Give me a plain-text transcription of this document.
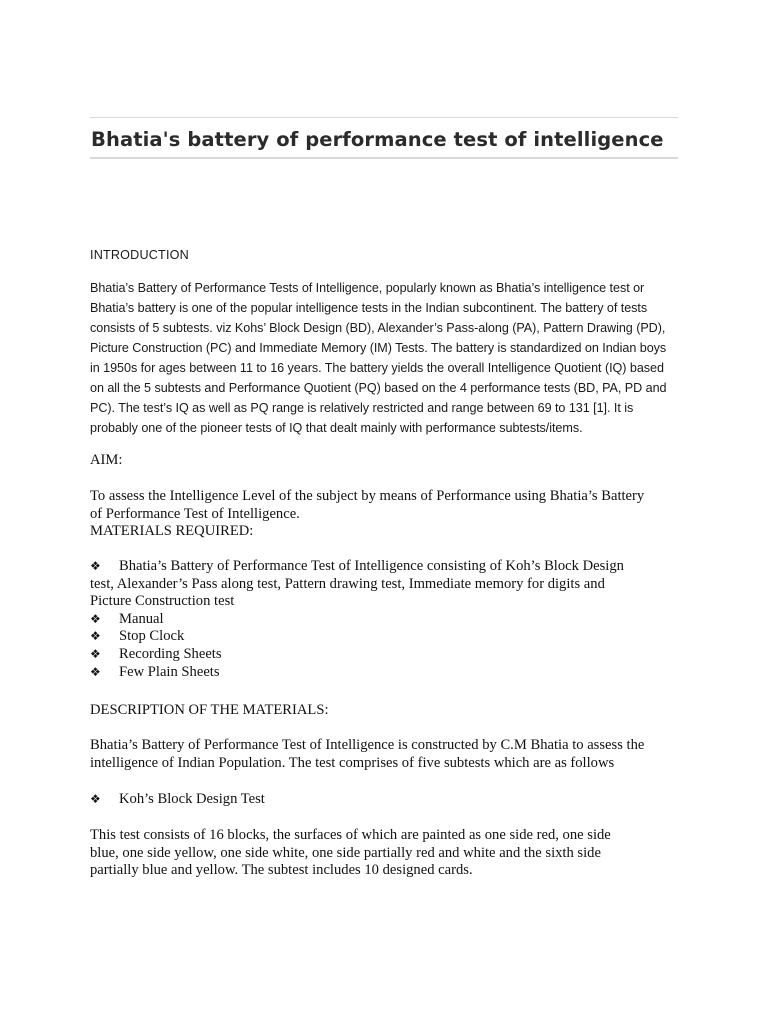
Bhatia's battery of performance test of intelligence

INTRODUCTION

Bhatia’s Battery of Performance Tests of Intelligence, popularly known as Bhatia’s intelligence test or
Bhatia’s battery is one of the popular intelligence tests in the Indian subcontinent. The battery of tests
consists of 5 subtests. viz Kohs’ Block Design (BD), Alexander’s Pass-along (PA), Pattern Drawing (PD),
Picture Construction (PC) and Immediate Memory (IM) Tests. The battery is standardized on Indian boys
in 1950s for ages between 11 to 16 years. The battery yields the overall Intelligence Quotient (IQ) based
on all the 5 subtests and Performance Quotient (PQ) based on the 4 performance tests (BD, PA, PD and
PC). The test’s IQ as well as PQ range is relatively restricted and range between 69 to 131 [1]. It is
probably one of the pioneer tests of IQ that dealt mainly with performance subtests/items.

AIM:

To assess the Intelligence Level of the subject by means of Performance using Bhatia’s Battery
of Performance Test of Intelligence.

MATERIALS REQUIRED:

❖	Bhatia’s Battery of Performance Test of Intelligence consisting of Koh’s Block Design
test, Alexander’s Pass along test, Pattern drawing test, Immediate memory for digits and
Picture Construction test
❖	Manual
❖	Stop Clock
❖	Recording Sheets
❖	Few Plain Sheets

DESCRIPTION OF THE MATERIALS:

Bhatia’s Battery of Performance Test of Intelligence is constructed by C.M Bhatia to assess the
intelligence of Indian Population. The test comprises of five subtests which are as follows

❖ Koh’s Block Design Test

This test consists of 16 blocks, the surfaces of which are painted as one side red, one side
blue, one side yellow, one side white, one side partially red and white and the sixth side
partially blue and yellow. The subtest includes 10 designed cards.
